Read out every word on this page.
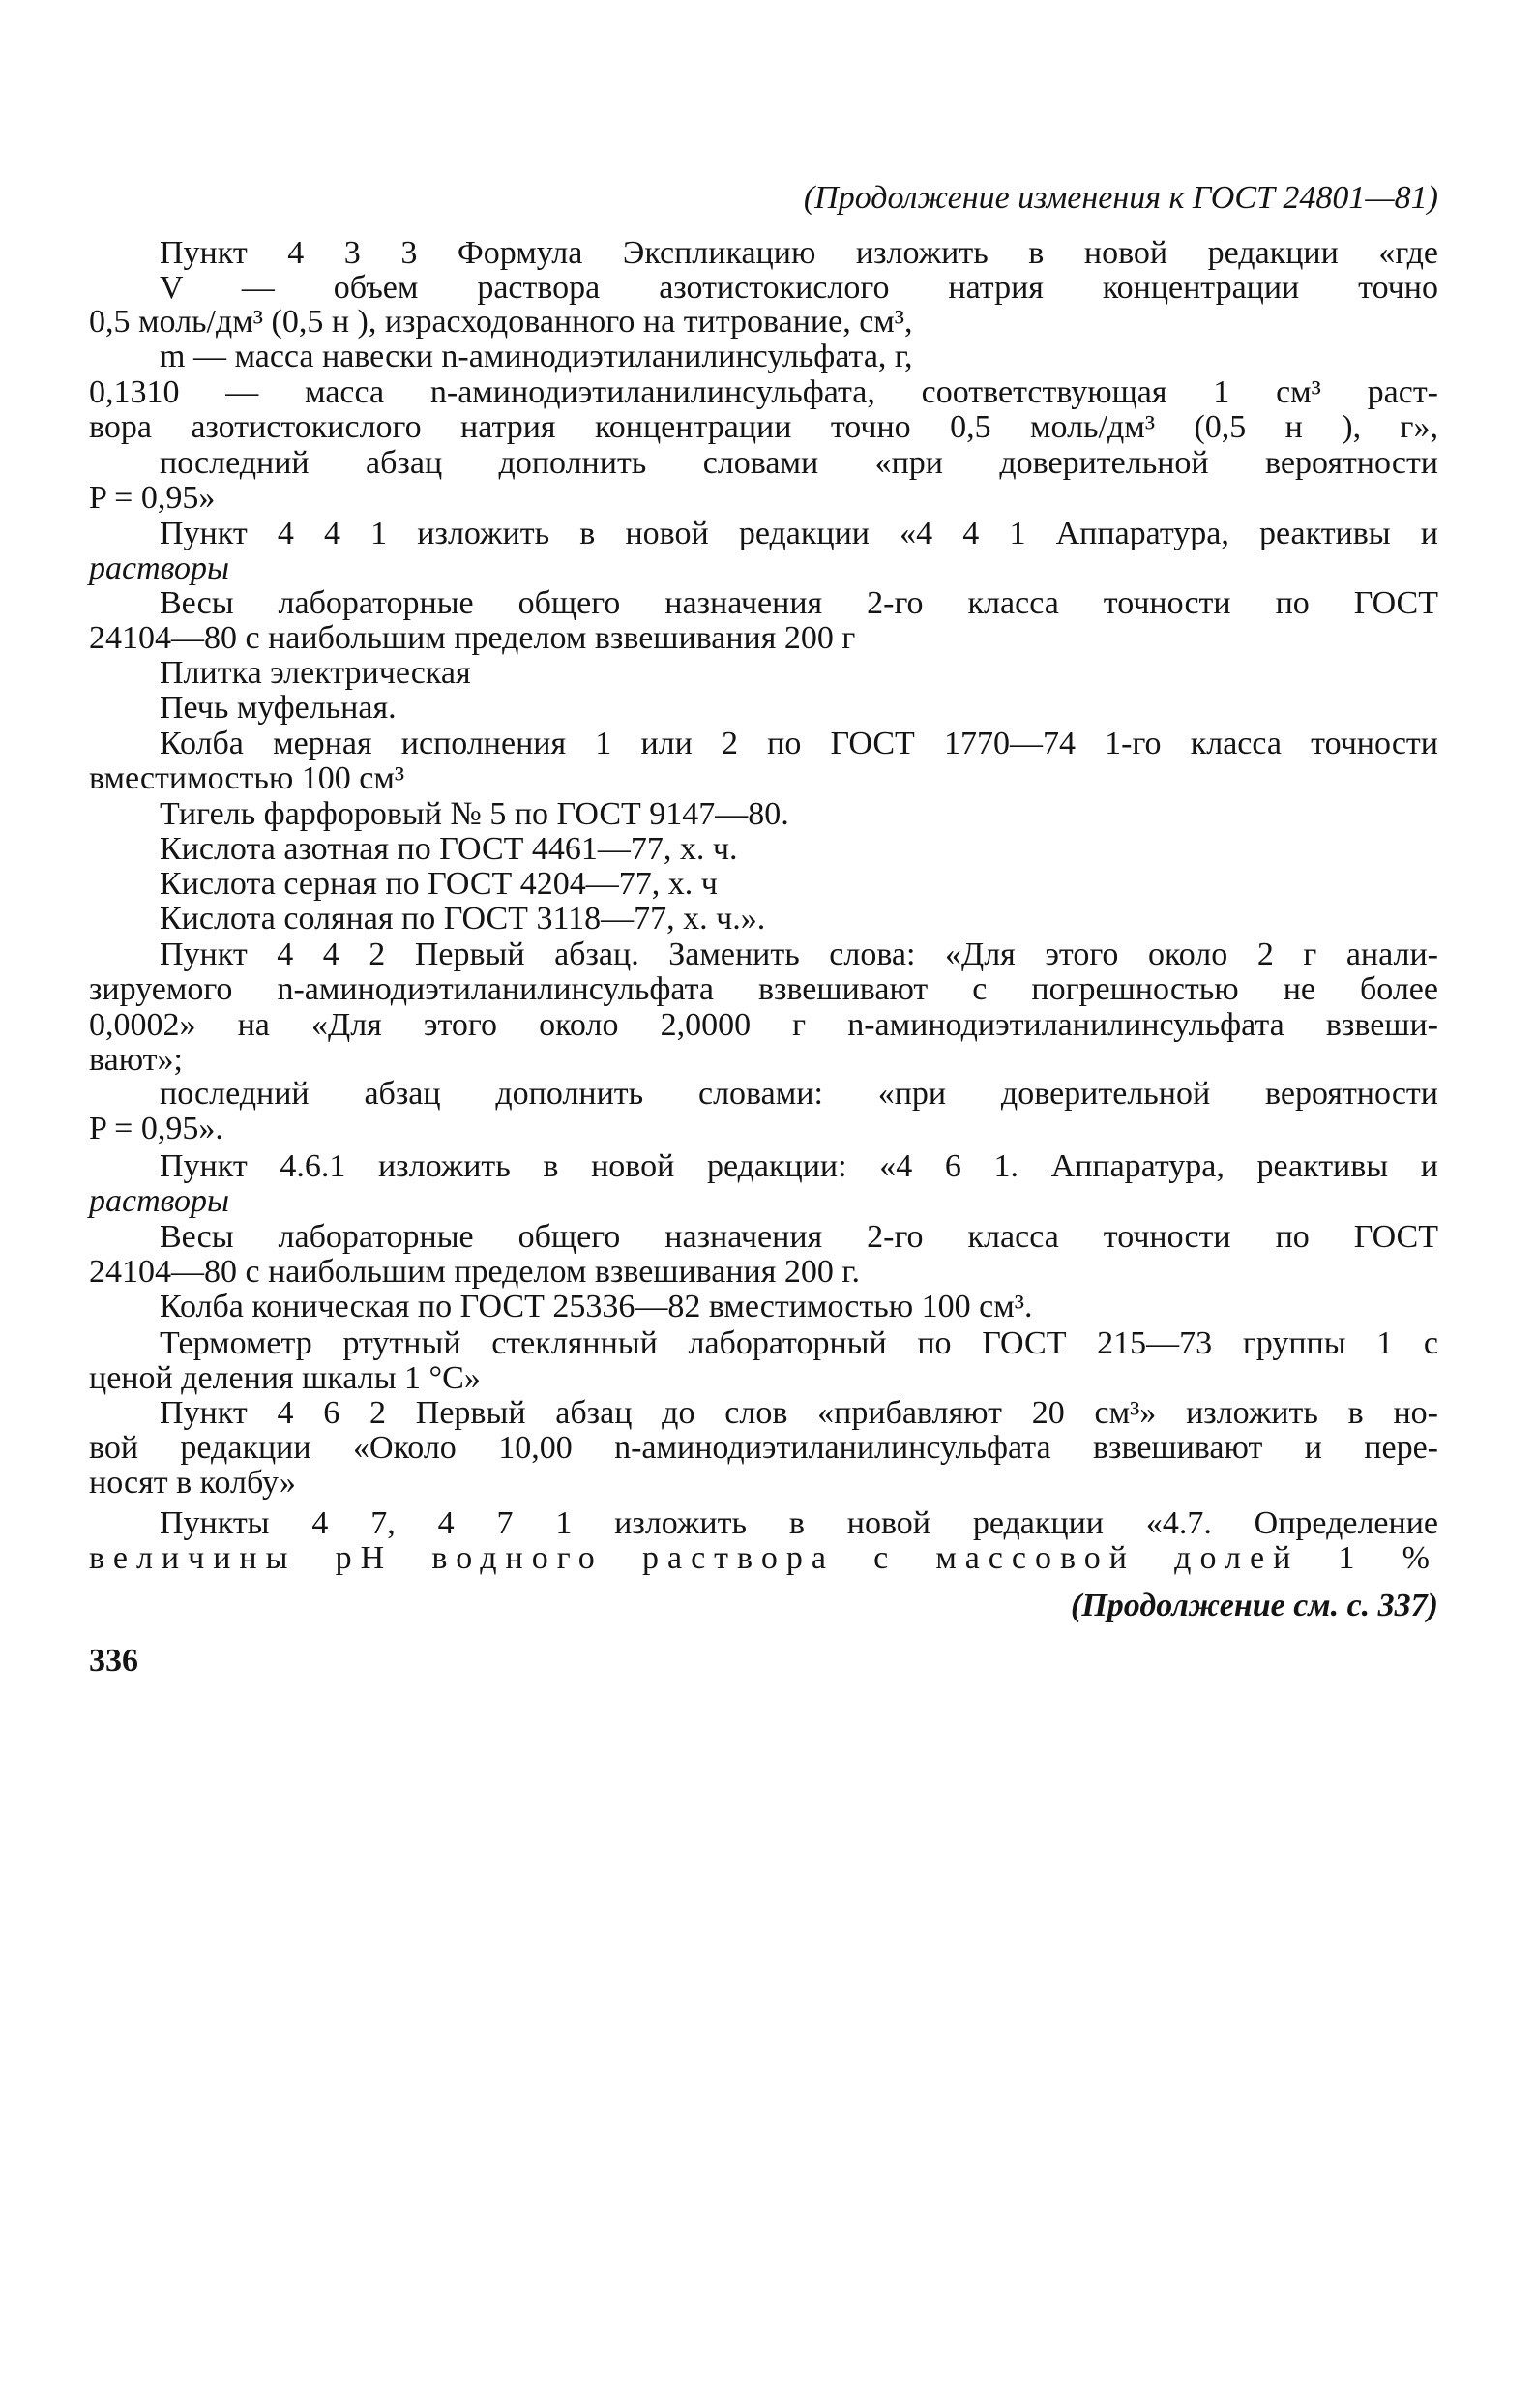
(Продолжение изменения к ГОСТ 24801—81)
Пункт 4 3 3 Формула Экспликацию изложить в новой редакции «где
V — объем раствора азотистокислого натрия концентрации точно
0,5 моль/дм³ (0,5 н ), израсходованного на титрование, см³,
m — масса навески n-аминодиэтиланилинсульфата, г,
0,1310 — масса n-аминодиэтиланилинсульфата, соответствующая 1 см³ раст-
вора азотистокислого натрия концентрации точно 0,5 моль/дм³ (0,5 н ), г»,
последний абзац дополнить словами «при доверительной вероятности
P = 0,95»
Пункт 4 4 1 изложить в новой редакции «4 4 1 Аппаратура, реактивы и
растворы
Весы лабораторные общего назначения 2-го класса точности по ГОСТ
24104—80 с наибольшим пределом взвешивания 200 г
Плитка электрическая
Печь муфельная.
Колба мерная исполнения 1 или 2 по ГОСТ 1770—74 1-го класса точности
вместимостью 100 см³
Тигель фарфоровый № 5 по ГОСТ 9147—80.
Кислота азотная по ГОСТ 4461—77, х. ч.
Кислота серная по ГОСТ 4204—77, х. ч
Кислота соляная по ГОСТ 3118—77, х. ч.».
Пункт 4 4 2 Первый абзац. Заменить слова: «Для этого около 2 г анали-
зируемого n-аминодиэтиланилинсульфата взвешивают с погрешностью не более
0,0002» на «Для этого около 2,0000 г n-аминодиэтиланилинсульфата взвеши-
вают»;
последний абзац дополнить словами: «при доверительной вероятности
P = 0,95».
Пункт 4.6.1 изложить в новой редакции: «4 6 1. Аппаратура, реактивы и
растворы
Весы лабораторные общего назначения 2-го класса точности по ГОСТ
24104—80 с наибольшим пределом взвешивания 200 г.
Колба коническая по ГОСТ 25336—82 вместимостью 100 см³.
Термометр ртутный стеклянный лабораторный по ГОСТ 215—73 группы 1 с
ценой деления шкалы 1 °С»
Пункт 4 6 2 Первый абзац до слов «прибавляют 20 см³» изложить в но-
вой редакции «Около 10,00 n-аминодиэтиланилинсульфата взвешивают и пере-
носят в колбу»
Пункты 4 7, 4 7 1 изложить в новой редакции «4.7. Определение
величины pH водного раствора с массовой долей 1 %
(Продолжение см. с. 337)
336
